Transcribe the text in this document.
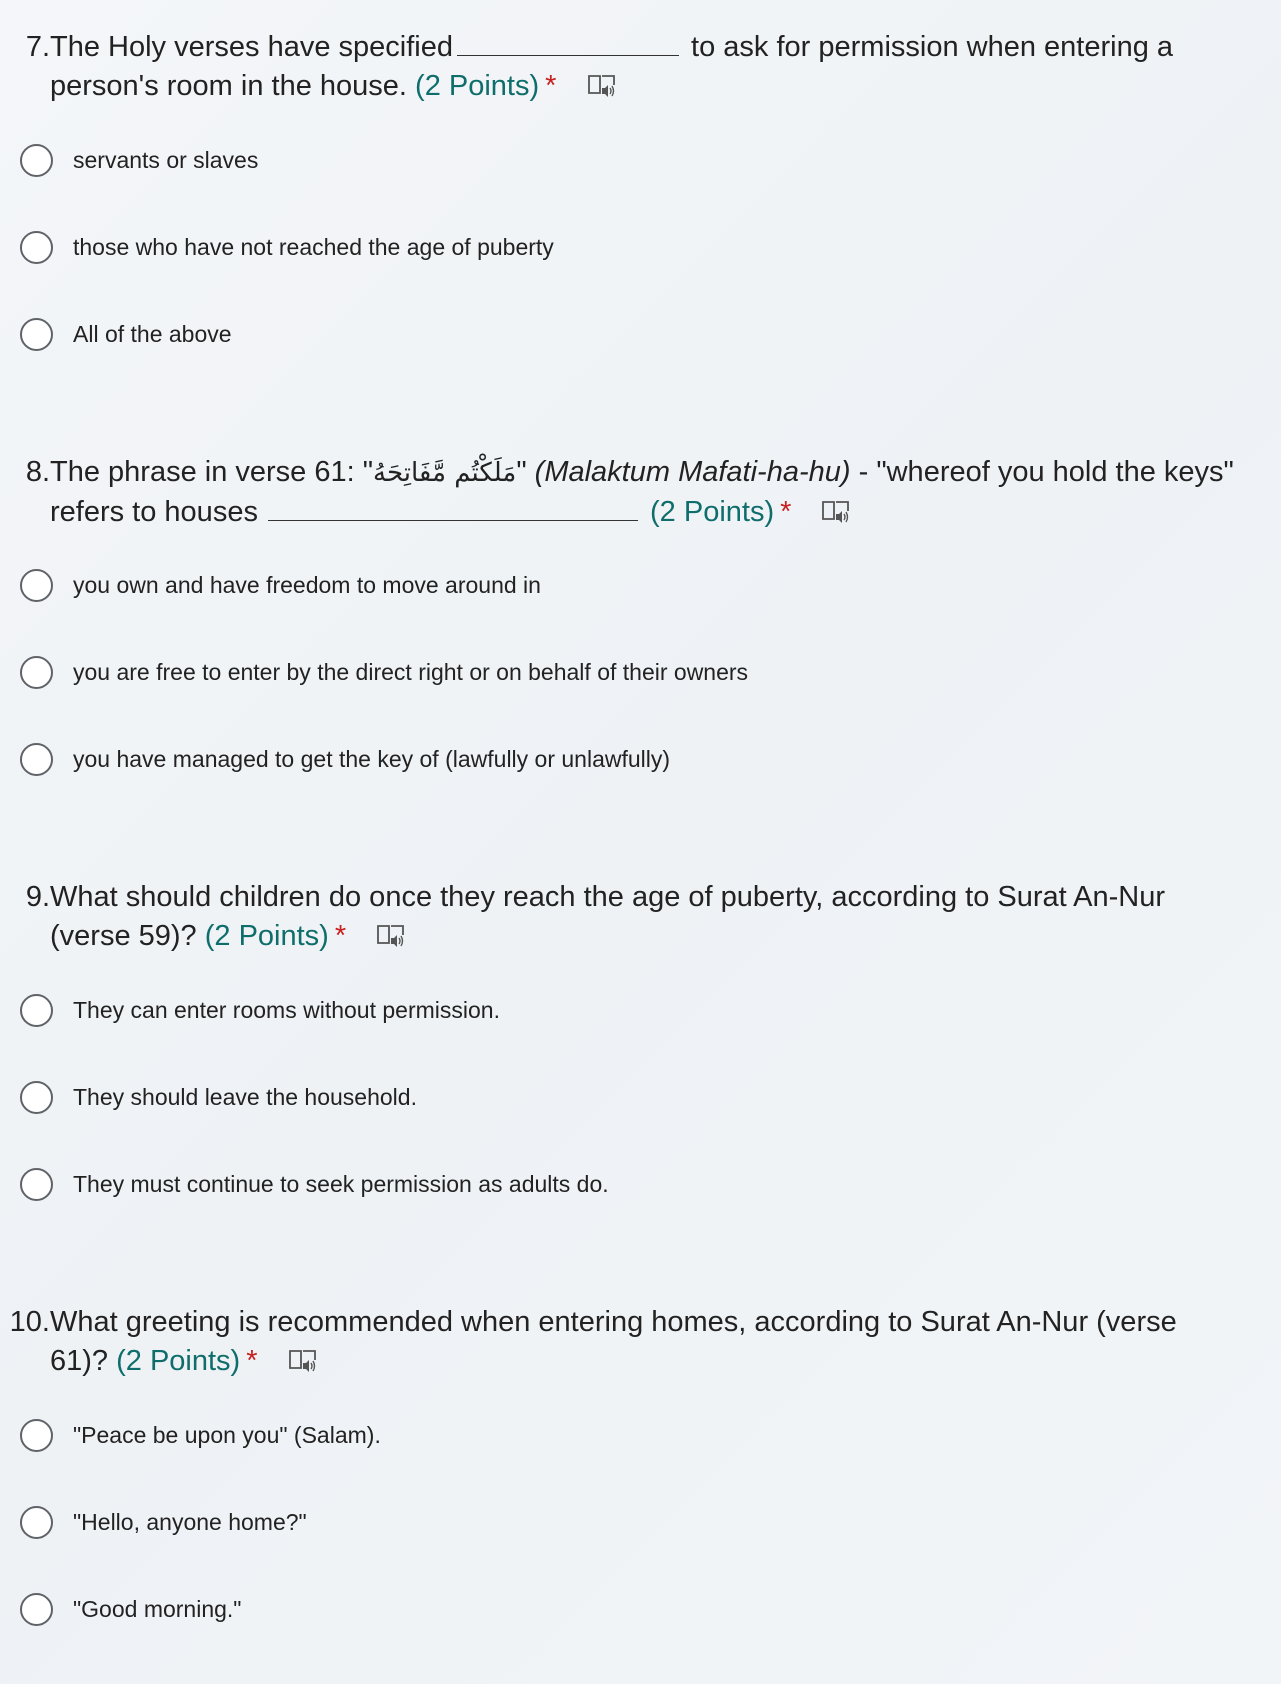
7. The Holy verses have specified	to ask for permission when entering a
person's room in the house. (2 Points) *
servants or slaves
those who have not reached the age of puberty
All of the above
8. The phrase in verse 61: "مَلَكْتُم مَّفَاتِحَهُ" (Malaktum Mafati-ha-hu) - "whereof you hold the keys"
refers to houses	(2 Points) *
you own and have freedom to move around in
you are free to enter by the direct right or on behalf of their owners
you have managed to get the key of (lawfully or unlawfully)
9. What should children do once they reach the age of puberty, according to Surat An-Nur
(verse 59)? (2 Points) *
They can enter rooms without permission.
They should leave the household.
They must continue to seek permission as adults do.
10. What greeting is recommended when entering homes, according to Surat An-Nur (verse
61)? (2 Points) *
"Peace be upon you" (Salam).
"Hello, anyone home?"
"Good morning."
